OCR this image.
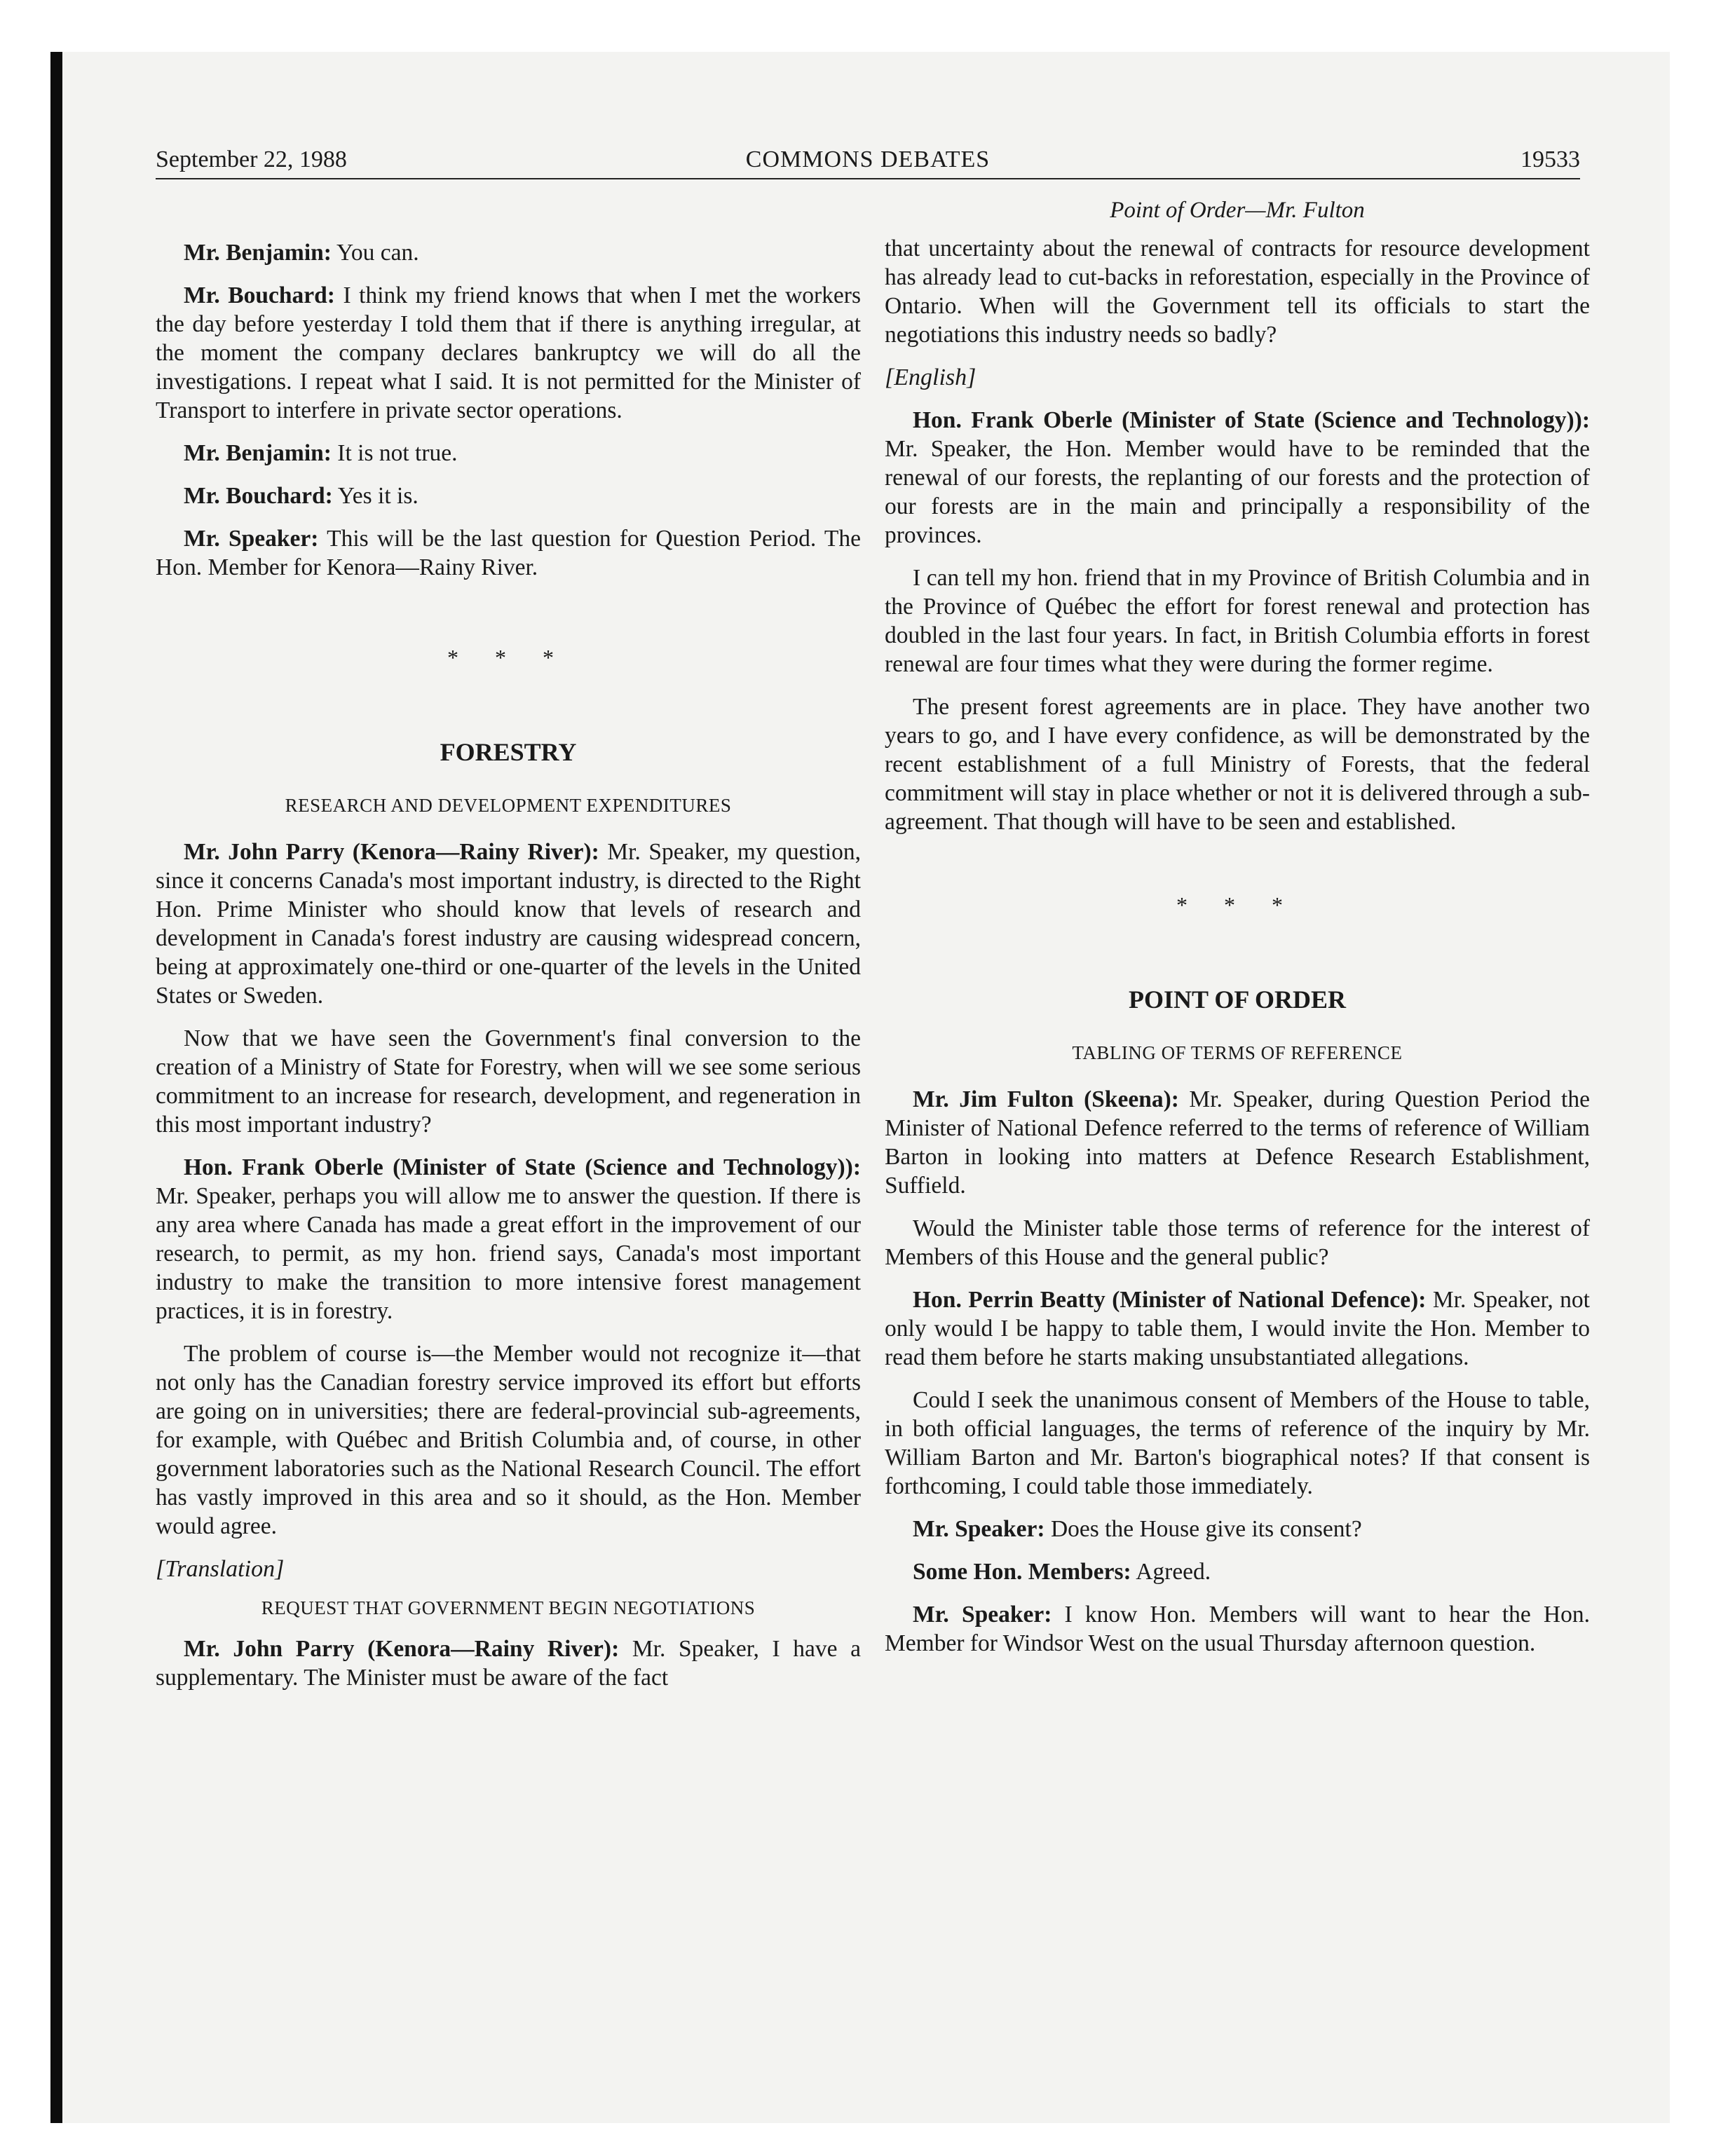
September 22, 1988	COMMONS DEBATES	19533

Mr. Benjamin: You can.

Mr. Bouchard: I think my friend knows that when I met the workers the day before yesterday I told them that if there is anything irregular, at the moment the company declares bankruptcy we will do all the investigations. I repeat what I said. It is not permitted for the Minister of Transport to interfere in private sector operations.

Mr. Benjamin: It is not true.

Mr. Bouchard: Yes it is.

Mr. Speaker: This will be the last question for Question Period. The Hon. Member for Kenora—Rainy River.

* * *

FORESTRY

RESEARCH AND DEVELOPMENT EXPENDITURES

Mr. John Parry (Kenora—Rainy River): Mr. Speaker, my question, since it concerns Canada's most important industry, is directed to the Right Hon. Prime Minister who should know that levels of research and development in Canada's forest industry are causing widespread concern, being at approximately one-third or one-quarter of the levels in the United States or Sweden.

Now that we have seen the Government's final conversion to the creation of a Ministry of State for Forestry, when will we see some serious commitment to an increase for research, development, and regeneration in this most important industry?

Hon. Frank Oberle (Minister of State (Science and Technology)): Mr. Speaker, perhaps you will allow me to answer the question. If there is any area where Canada has made a great effort in the improvement of our research, to permit, as my hon. friend says, Canada's most important industry to make the transition to more intensive forest management practices, it is in forestry.

The problem of course is—the Member would not recognize it—that not only has the Canadian forestry service improved its effort but efforts are going on in universities; there are federal-provincial sub-agreements, for example, with Québec and British Columbia and, of course, in other government laboratories such as the National Research Council. The effort has vastly improved in this area and so it should, as the Hon. Member would agree.

[Translation]

REQUEST THAT GOVERNMENT BEGIN NEGOTIATIONS

Mr. John Parry (Kenora—Rainy River): Mr. Speaker, I have a supplementary. The Minister must be aware of the fact

Point of Order—Mr. Fulton

that uncertainty about the renewal of contracts for resource development has already lead to cut-backs in reforestation, especially in the Province of Ontario. When will the Government tell its officials to start the negotiations this industry needs so badly?

[English]

Hon. Frank Oberle (Minister of State (Science and Technology)): Mr. Speaker, the Hon. Member would have to be reminded that the renewal of our forests, the replanting of our forests and the protection of our forests are in the main and principally a responsibility of the provinces.

I can tell my hon. friend that in my Province of British Columbia and in the Province of Québec the effort for forest renewal and protection has doubled in the last four years. In fact, in British Columbia efforts in forest renewal are four times what they were during the former regime.

The present forest agreements are in place. They have another two years to go, and I have every confidence, as will be demonstrated by the recent establishment of a full Ministry of Forests, that the federal commitment will stay in place whether or not it is delivered through a sub-agreement. That though will have to be seen and established.

* * *

POINT OF ORDER

TABLING OF TERMS OF REFERENCE

Mr. Jim Fulton (Skeena): Mr. Speaker, during Question Period the Minister of National Defence referred to the terms of reference of William Barton in looking into matters at Defence Research Establishment, Suffield.

Would the Minister table those terms of reference for the interest of Members of this House and the general public?

Hon. Perrin Beatty (Minister of National Defence): Mr. Speaker, not only would I be happy to table them, I would invite the Hon. Member to read them before he starts making unsubstantiated allegations.

Could I seek the unanimous consent of Members of the House to table, in both official languages, the terms of reference of the inquiry by Mr. William Barton and Mr. Barton's biographical notes? If that consent is forthcoming, I could table those immediately.

Mr. Speaker: Does the House give its consent?

Some Hon. Members: Agreed.

Mr. Speaker: I know Hon. Members will want to hear the Hon. Member for Windsor West on the usual Thursday afternoon question.
